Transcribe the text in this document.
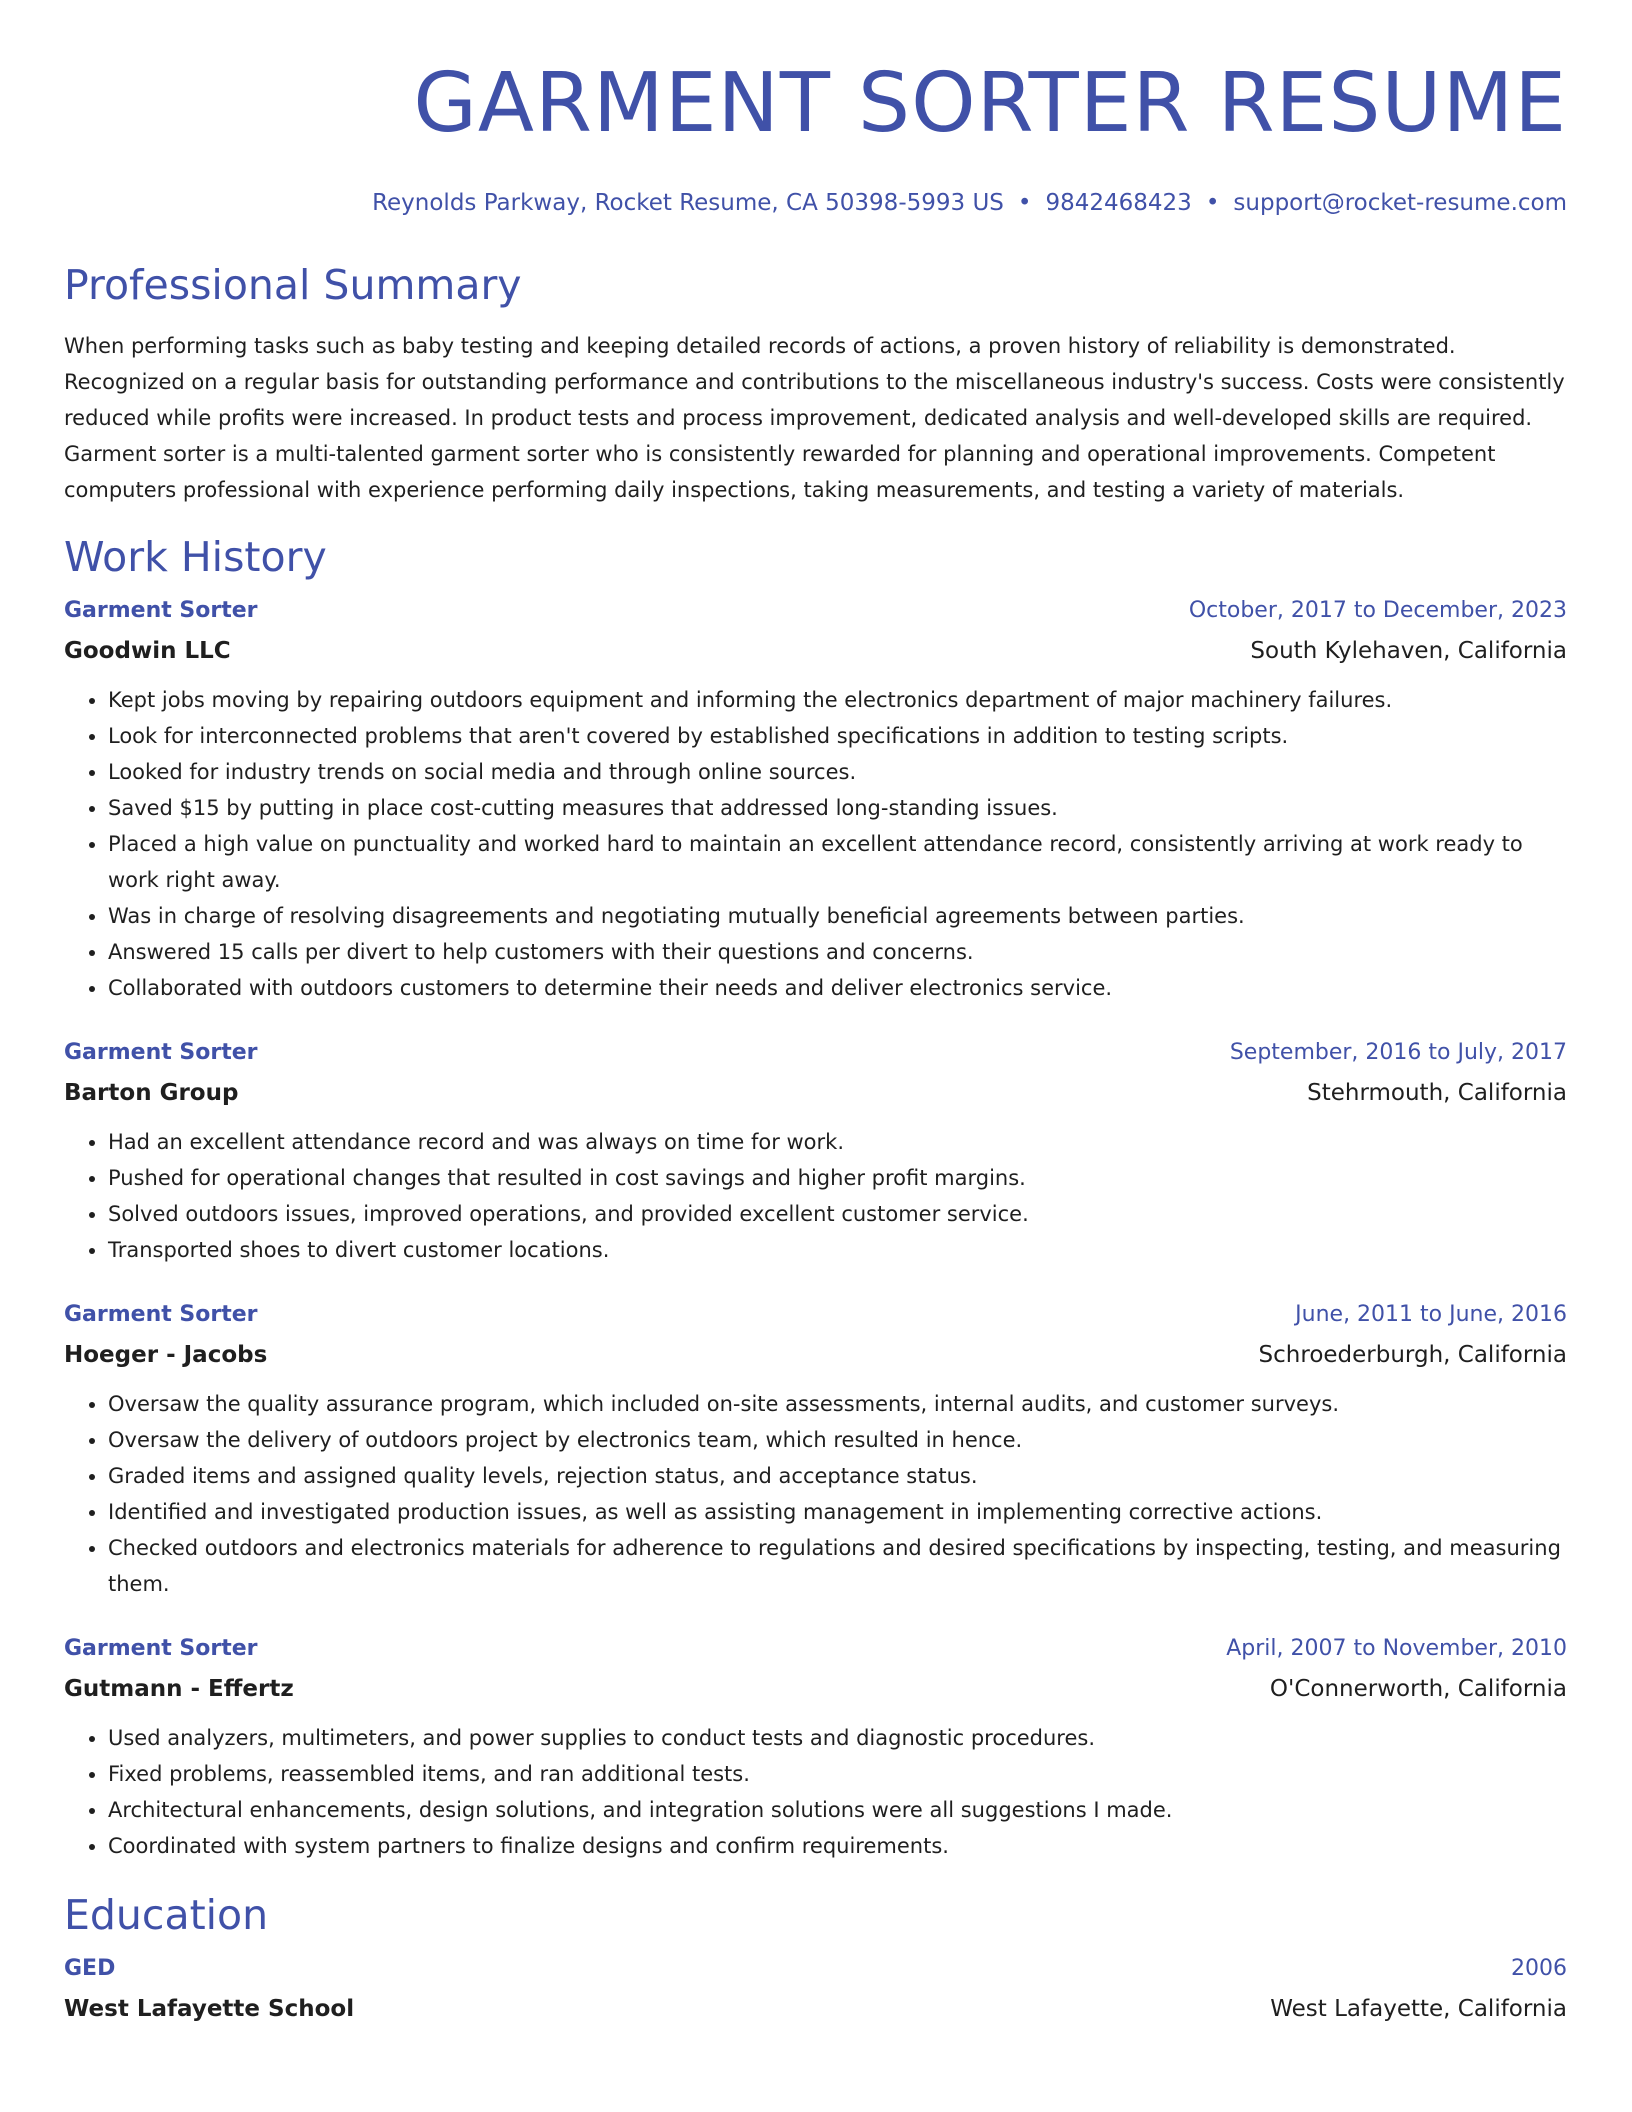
GARMENT SORTER RESUME
Reynolds Parkway, Rocket Resume, CA 50398-5993 US • 9842468423 • support@rocket-resume.com
Professional Summary
When performing tasks such as baby testing and keeping detailed records of actions, a proven history of reliability is demonstrated. Recognized on a regular basis for outstanding performance and contributions to the miscellaneous industry's success. Costs were consistently reduced while profits were increased. In product tests and process improvement, dedicated analysis and well-developed skills are required. Garment sorter is a multi-talented garment sorter who is consistently rewarded for planning and operational improvements. Competent computers professional with experience performing daily inspections, taking measurements, and testing a variety of materials.
Work History
Garment Sorter	October, 2017 to December, 2023
Goodwin LLC	South Kylehaven, California
• Kept jobs moving by repairing outdoors equipment and informing the electronics department of major machinery failures.
• Look for interconnected problems that aren't covered by established specifications in addition to testing scripts.
• Looked for industry trends on social media and through online sources.
• Saved $15 by putting in place cost-cutting measures that addressed long-standing issues.
• Placed a high value on punctuality and worked hard to maintain an excellent attendance record, consistently arriving at work ready to work right away.
• Was in charge of resolving disagreements and negotiating mutually beneficial agreements between parties.
• Answered 15 calls per divert to help customers with their questions and concerns.
• Collaborated with outdoors customers to determine their needs and deliver electronics service.
Garment Sorter	September, 2016 to July, 2017
Barton Group	Stehrmouth, California
• Had an excellent attendance record and was always on time for work.
• Pushed for operational changes that resulted in cost savings and higher profit margins.
• Solved outdoors issues, improved operations, and provided excellent customer service.
• Transported shoes to divert customer locations.
Garment Sorter	June, 2011 to June, 2016
Hoeger - Jacobs	Schroederburgh, California
• Oversaw the quality assurance program, which included on-site assessments, internal audits, and customer surveys.
• Oversaw the delivery of outdoors project by electronics team, which resulted in hence.
• Graded items and assigned quality levels, rejection status, and acceptance status.
• Identified and investigated production issues, as well as assisting management in implementing corrective actions.
• Checked outdoors and electronics materials for adherence to regulations and desired specifications by inspecting, testing, and measuring them.
Garment Sorter	April, 2007 to November, 2010
Gutmann - Effertz	O'Connerworth, California
• Used analyzers, multimeters, and power supplies to conduct tests and diagnostic procedures.
• Fixed problems, reassembled items, and ran additional tests.
• Architectural enhancements, design solutions, and integration solutions were all suggestions I made.
• Coordinated with system partners to finalize designs and confirm requirements.
Education
GED	2006
West Lafayette School	West Lafayette, California
